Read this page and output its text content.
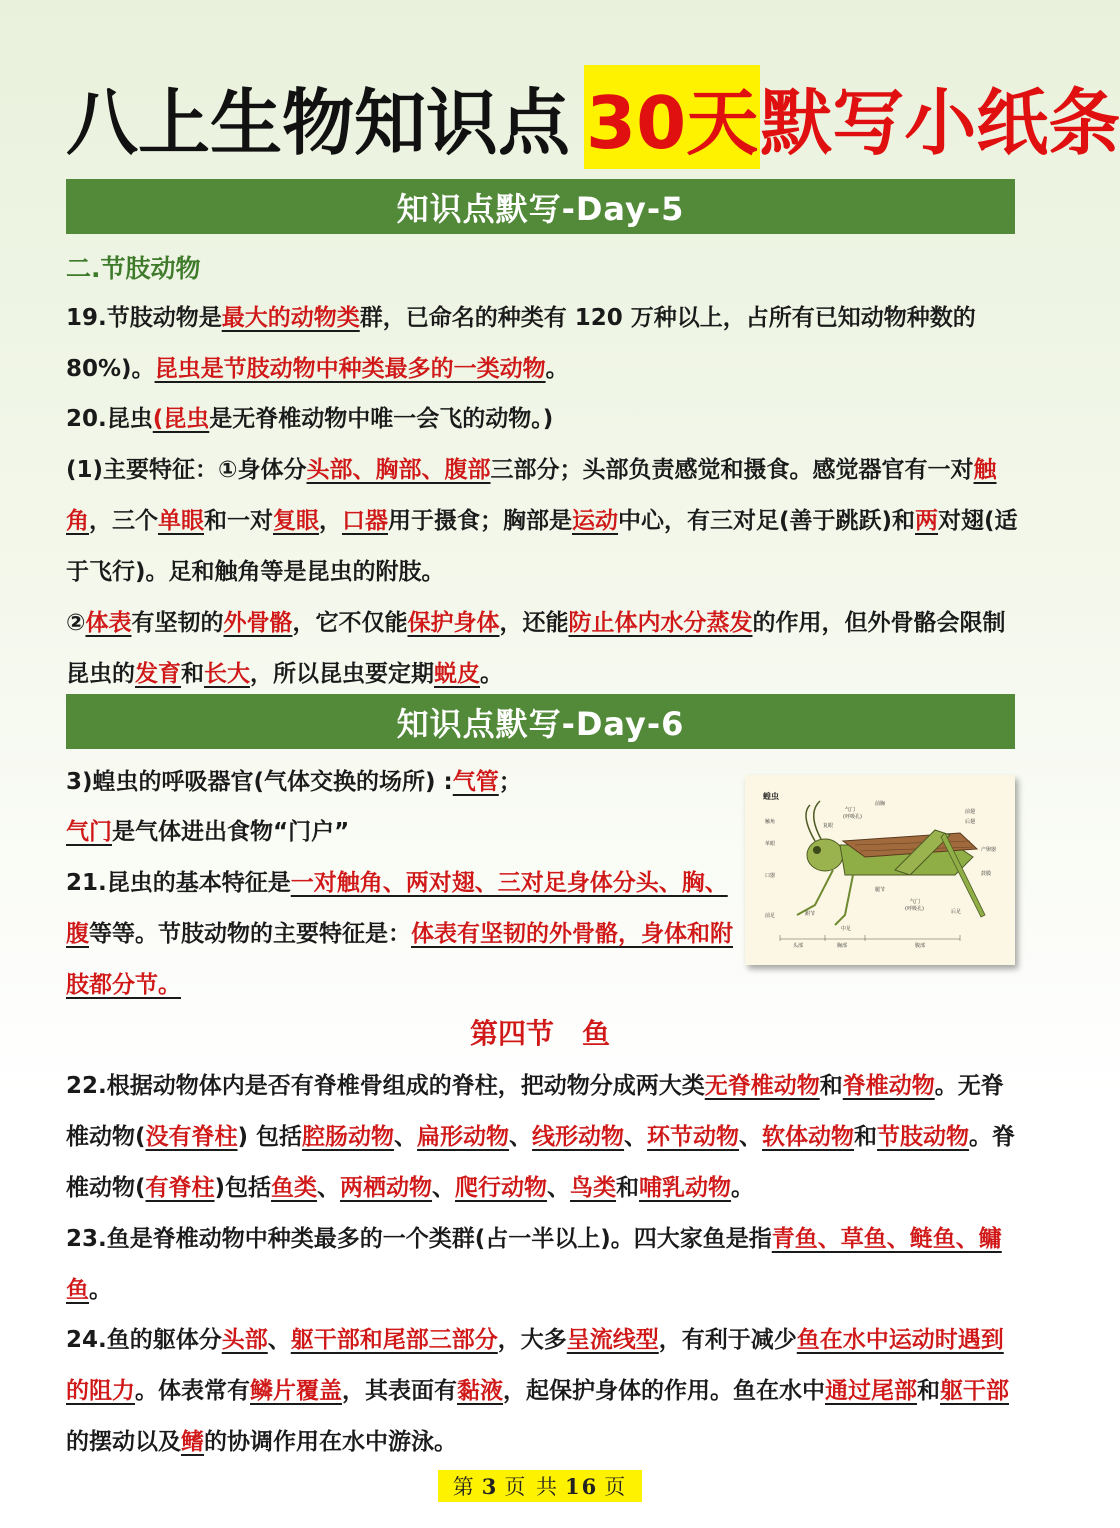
八上生物知识点 30天 默写小纸条
知识点默写-Day-5
二.节肢动物
19.节肢动物是最大的动物类群，已命名的种类有 120 万种以上，占所有已知动物种数的 80%)。昆虫是节肢动物中种类最多的一类动物。
20.昆虫(昆虫是无脊椎动物中唯一会飞的动物。)
(1)主要特征：①身体分头部、胸部、腹部三部分；头部负责感觉和摄食。感觉器官有一对触角，三个单眼和一对复眼，口器用于摄食；胸部是运动中心，有三对足(善于跳跃)和两对翅(适于飞行)。足和触角等是昆虫的附肢。
②体表有坚韧的外骨骼，它不仅能保护身体，还能防止体内水分蒸发的作用，但外骨骼会限制昆虫的发育和长大，所以昆虫要定期蜕皮。
知识点默写-Day-6
3)蝗虫的呼吸器官(气体交换的场所) :气管；
气门是气体进出食物“门户”
21.昆虫的基本特征是一对触角、两对翅、三对足身体分头、胸、腹等等。节肢动物的主要特征是：体表有坚韧的外骨骼，身体和附肢都分节。
蝗虫
触角
复眼
单眼
气门
(呼吸孔)
前胸
前翅
后翅
产卵器
鼓膜
口器
前足
中足
后足
腿节
气门
(呼吸孔)
跗节
头部	胸部	腹部
第四节　鱼
22.根据动物体内是否有脊椎骨组成的脊柱，把动物分成两大类无脊椎动物和脊椎动物。无脊椎动物(没有脊柱) 包括腔肠动物、扁形动物、线形动物、环节动物、软体动物和节肢动物。脊椎动物(有脊柱)包括鱼类、两栖动物、爬行动物、鸟类和哺乳动物。
23.鱼是脊椎动物中种类最多的一个类群(占一半以上)。四大家鱼是指青鱼、草鱼、鲢鱼、鳙鱼。
24.鱼的躯体分头部、躯干部和尾部三部分，大多呈流线型，有利于减少鱼在水中运动时遇到的阻力。体表常有鳞片覆盖，其表面有黏液，起保护身体的作用。鱼在水中通过尾部和躯干部的摆动以及鳍的协调作用在水中游泳。
第 3 页
共 16 页
